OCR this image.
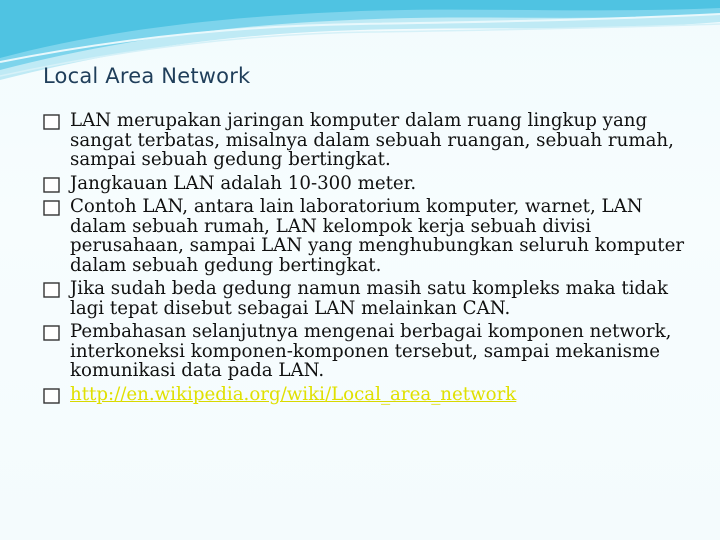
Local Area Network
LAN merupakan jaringan komputer dalam ruang lingkup yang sangat terbatas, misalnya dalam sebuah ruangan, sebuah rumah, sampai sebuah gedung bertingkat.
Jangkauan LAN adalah 10-300 meter.
Contoh LAN, antara lain laboratorium komputer, warnet, LAN dalam sebuah rumah, LAN kelompok kerja sebuah divisi perusahaan, sampai LAN yang menghubungkan seluruh komputer dalam sebuah gedung bertingkat.
Jika sudah beda gedung namun masih satu kompleks maka tidak lagi tepat disebut sebagai LAN melainkan CAN.
Pembahasan selanjutnya mengenai berbagai komponen network, interkoneksi komponen-komponen tersebut, sampai mekanisme komunikasi data pada LAN.
http://en.wikipedia.org/wiki/Local_area_network
